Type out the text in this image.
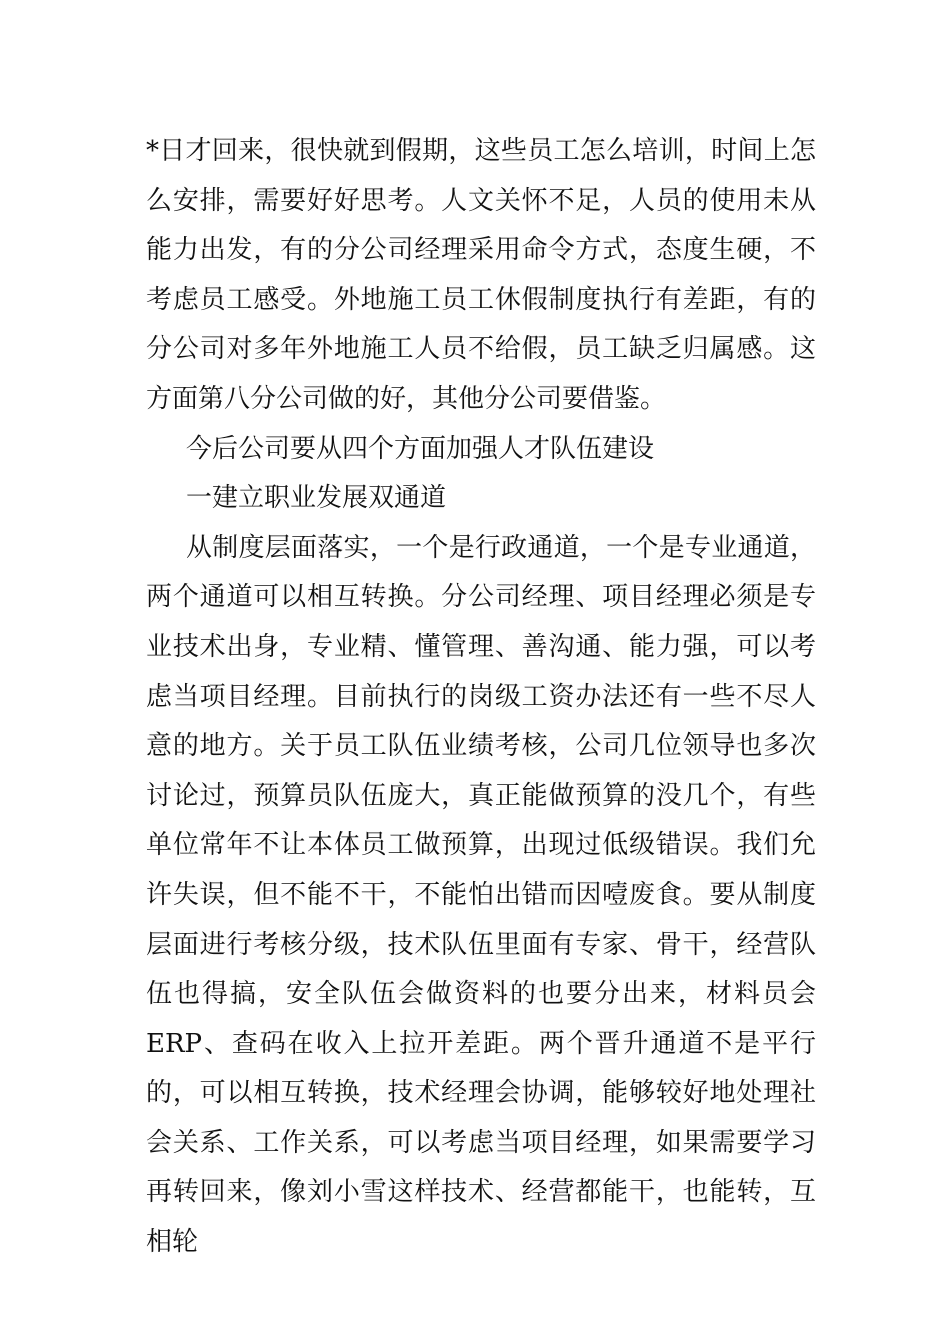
*日才回来，很快就到假期，这些员工怎么培训，时间上怎么安排，需要好好思考。人文关怀不足，人员的使用未从能力出发，有的分公司经理采用命令方式，态度生硬，不考虑员工感受。外地施工员工休假制度执行有差距，有的分公司对多年外地施工人员不给假，员工缺乏归属感。这方面第八分公司做的好，其他分公司要借鉴。

今后公司要从四个方面加强人才队伍建设

一建立职业发展双通道

从制度层面落实，一个是行政通道，一个是专业通道，两个通道可以相互转换。分公司经理、项目经理必须是专业技术出身，专业精、懂管理、善沟通、能力强，可以考虑当项目经理。目前执行的岗级工资办法还有一些不尽人意的地方。关于员工队伍业绩考核，公司几位领导也多次讨论过，预算员队伍庞大，真正能做预算的没几个，有些单位常年不让本体员工做预算，出现过低级错误。我们允许失误，但不能不干，不能怕出错而因噎废食。要从制度层面进行考核分级，技术队伍里面有专家、骨干，经营队伍也得搞，安全队伍会做资料的也要分出来，材料员会ERP、查码在收入上拉开差距。两个晋升通道不是平行的，可以相互转换，技术经理会协调，能够较好地处理社会关系、工作关系，可以考虑当项目经理，如果需要学习再转回来，像刘小雪这样技术、经营都能干，也能转，互相轮
